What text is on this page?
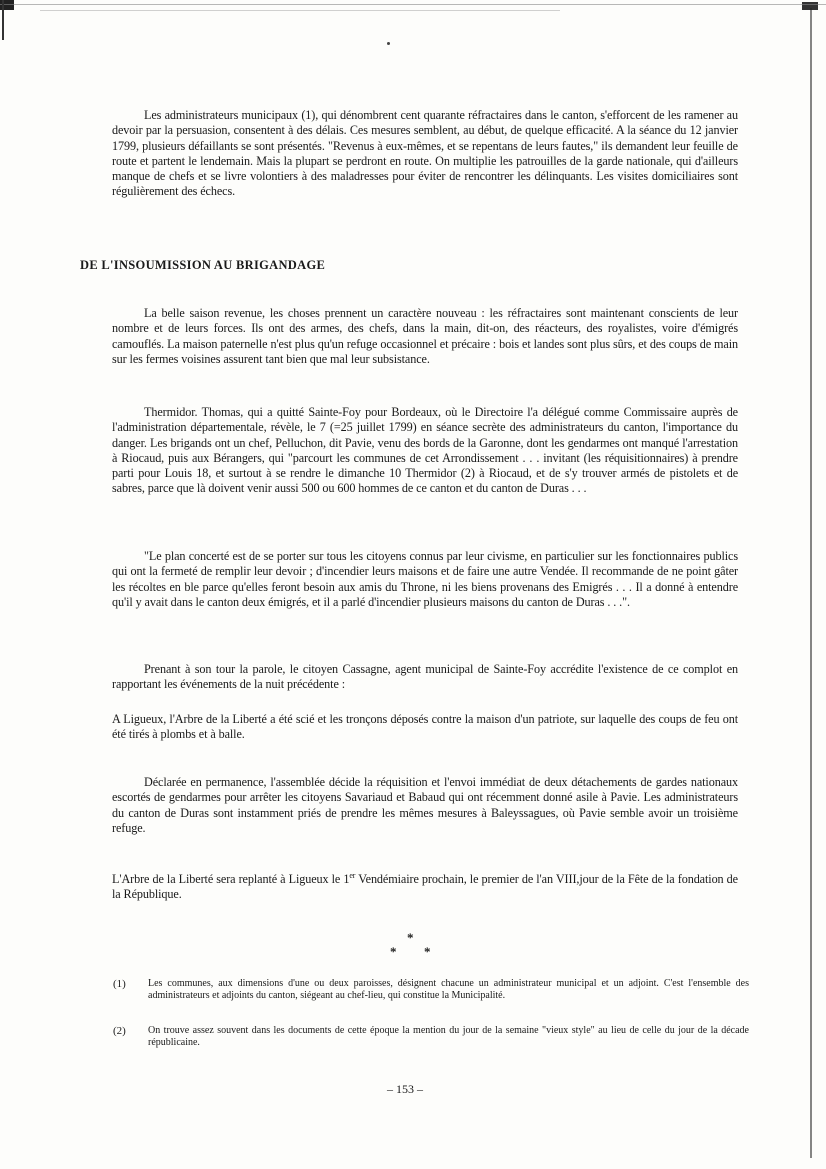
Les administrateurs municipaux (1), qui dénombrent cent quarante réfractaires dans le canton, s'efforcent de les ramener au devoir par la persuasion, consentent à des délais. Ces mesures semblent, au début, de quelque efficacité. A la séance du 12 janvier 1799, plusieurs défaillants se sont présentés. "Revenus à eux-mêmes, et se repentans de leurs fautes," ils demandent leur feuille de route et partent le lendemain. Mais la plupart se perdront en route. On multiplie les patrouilles de la garde nationale, qui d'ailleurs manque de chefs et se livre volontiers à des maladresses pour éviter de rencontrer les délinquants. Les visites domiciliaires sont régulièrement des échecs.

DE L'INSOUMISSION AU BRIGANDAGE

La belle saison revenue, les choses prennent un caractère nouveau : les réfractaires sont maintenant conscients de leur nombre et de leurs forces. Ils ont des armes, des chefs, dans la main, dit-on, des réacteurs, des royalistes, voire d'émigrés camouflés. La maison paternelle n'est plus qu'un refuge occasionnel et précaire : bois et landes sont plus sûrs, et des coups de main sur les fermes voisines assurent tant bien que mal leur subsistance.

Thermidor. Thomas, qui a quitté Sainte-Foy pour Bordeaux, où le Directoire l'a délégué comme Commissaire auprès de l'administration départementale, révèle, le 7 (=25 juillet 1799) en séance secrète des administrateurs du canton, l'importance du danger. Les brigands ont un chef, Pelluchon, dit Pavie, venu des bords de la Garonne, dont les gendarmes ont manqué l'arrestation à Riocaud, puis aux Bérangers, qui "parcourt les communes de cet Arrondissement . . . invitant (les réquisitionnaires) à prendre parti pour Louis 18, et surtout à se rendre le dimanche 10 Thermidor (2) à Riocaud, et de s'y trouver armés de pistolets et de sabres, parce que là doivent venir aussi 500 ou 600 hommes de ce canton et du canton de Duras . . .

"Le plan concerté est de se porter sur tous les citoyens connus par leur civisme, en particulier sur les fonctionnaires publics qui ont la fermeté de remplir leur devoir ; d'incendier leurs maisons et de faire une autre Vendée. Il recommande de ne point gâter les récoltes en ble parce qu'elles feront besoin aux amis du Throne, ni les biens provenans des Emigrés . . . Il a donné à entendre qu'il y avait dans le canton deux émigrés, et il a parlé d'incendier plusieurs maisons du canton de Duras . . .".

Prenant à son tour la parole, le citoyen Cassagne, agent municipal de Sainte-Foy accrédite l'existence de ce complot en rapportant les événements de la nuit précédente :

A Ligueux, l'Arbre de la Liberté a été scié et les tronçons déposés contre la maison d'un patriote, sur laquelle des coups de feu ont été tirés à plombs et à balle.

Déclarée en permanence, l'assemblée décide la réquisition et l'envoi immédiat de deux détachements de gardes nationaux escortés de gendarmes pour arrêter les citoyens Savariaud et Babaud qui ont récemment donné asile à Pavie. Les administrateurs du canton de Duras sont instamment priés de prendre les mêmes mesures à Baleyssagues, où Pavie semble avoir un troisième refuge.

L'Arbre de la Liberté sera replanté à Ligueux le 1er Vendémiaire prochain, le premier de l'an VIII,jour de la Fête de la fondation de la République.

*
* *
(1) Les communes, aux dimensions d'une ou deux paroisses, désignent chacune un administrateur municipal et un adjoint. C'est l'ensemble des administrateurs et adjoints du canton, siégeant au chef-lieu, qui constitue la Municipalité.
(2) On trouve assez souvent dans les documents de cette époque la mention du jour de la semaine "vieux style" au lieu de celle du jour de la décade républicaine.
– 153 –
